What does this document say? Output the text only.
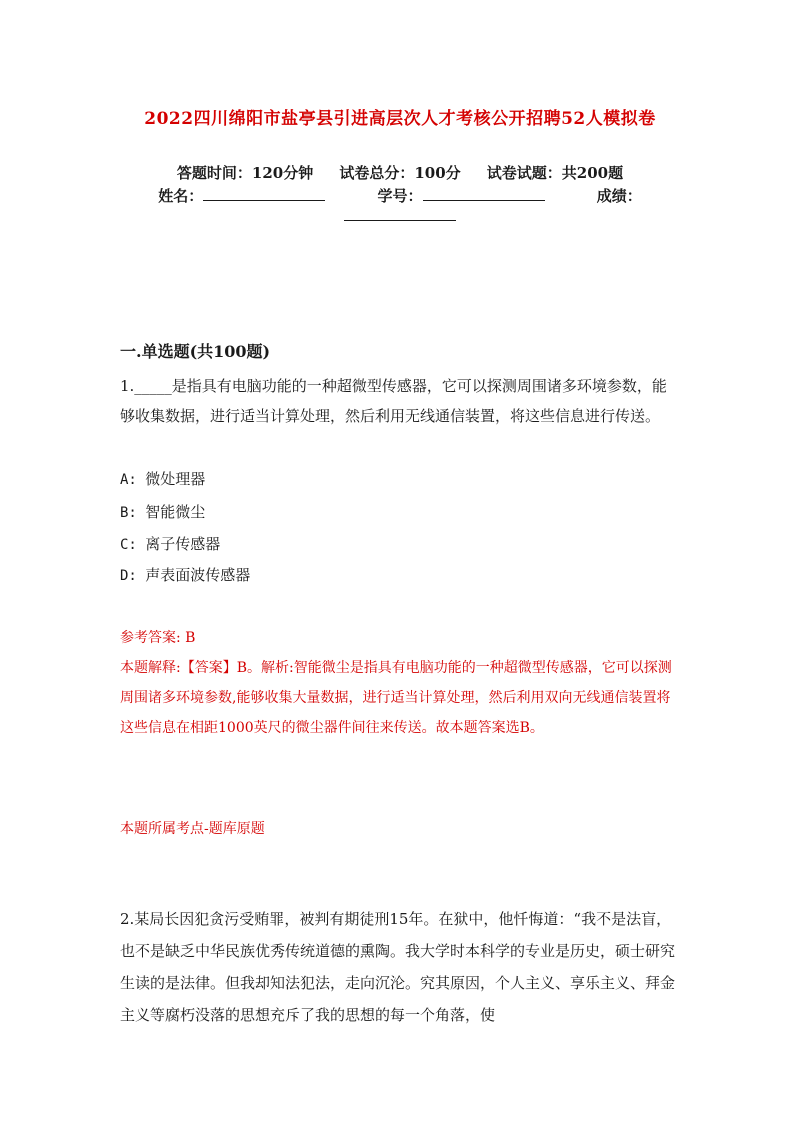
2022四川绵阳市盐亭县引进高层次人才考核公开招聘52人模拟卷
答题时间：120分钟 试卷总分：100分 试卷试题：共200题
姓名：	学号：	成绩：
一.单选题(共100题)
1._____是指具有电脑功能的一种超微型传感器，它可以探测周围诸多环境参数，能够收集数据，进行适当计算处理，然后利用无线通信装置，将这些信息进行传送。
A: 微处理器
B: 智能微尘
C: 离子传感器
D: 声表面波传感器
参考答案: B
本题解释:【答案】B。解析:智能微尘是指具有电脑功能的一种超微型传感器，它可以探测周围诸多环境参数,能够收集大量数据，进行适当计算处理，然后利用双向无线通信装置将这些信息在相距1000英尺的微尘器件间往来传送。故本题答案选B。
本题所属考点-题库原题
2.某局长因犯贪污受贿罪，被判有期徒刑15年。在狱中，他忏悔道：“我不是法盲，也不是缺乏中华民族优秀传统道德的熏陶。我大学时本科学的专业是历史，硕士研究生读的是法律。但我却知法犯法，走向沉沦。究其原因，个人主义、享乐主义、拜金主义等腐朽没落的思想充斥了我的思想的每一个角落，使
